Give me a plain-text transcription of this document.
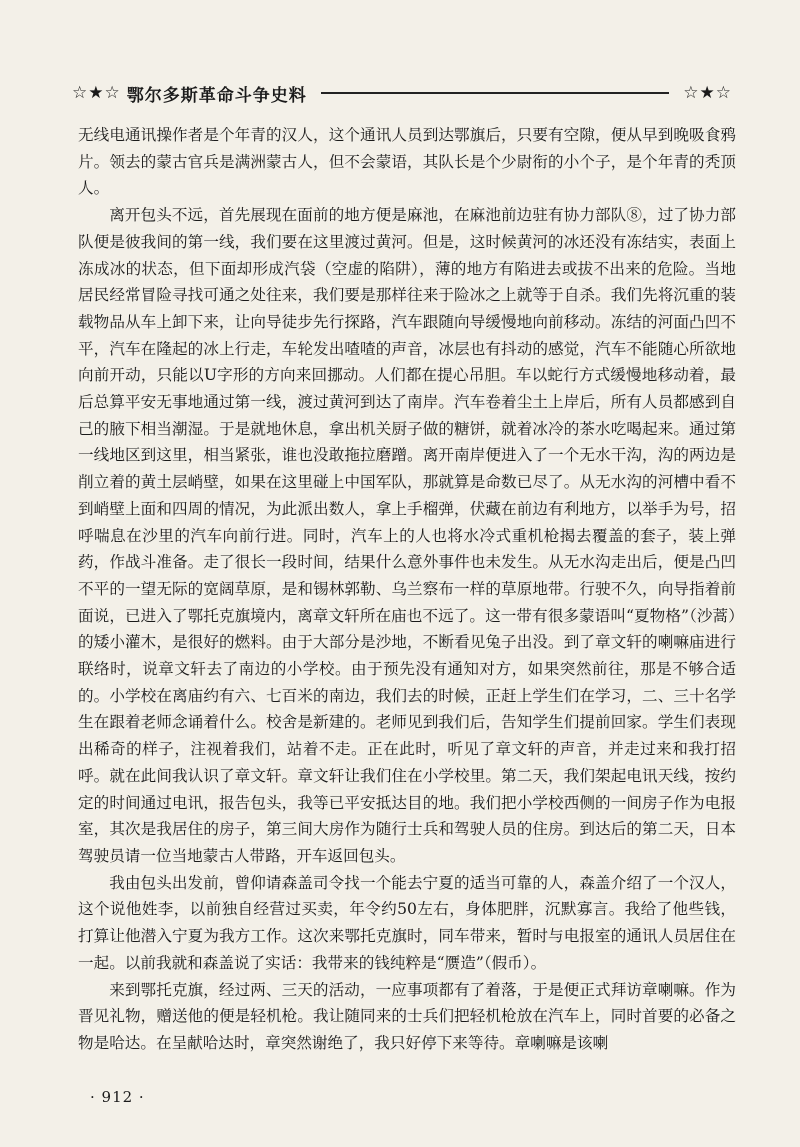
☆★☆ 鄂尔多斯革命斗争史料	☆★☆

无线电通讯操作者是个年青的汉人，这个通讯人员到达鄂旗后，只要有空隙，便从早到晚吸食鸦片。领去的蒙古官兵是满洲蒙古人，但不会蒙语，其队长是个少尉衔的小个子，是个年青的秃顶人。

离开包头不远，首先展现在面前的地方便是麻池，在麻池前边驻有协力部队⑧，过了协力部队便是彼我间的第一线，我们要在这里渡过黄河。但是，这时候黄河的冰还没有冻结实，表面上冻成冰的状态，但下面却形成汽袋（空虚的陷阱），薄的地方有陷进去或拔不出来的危险。当地居民经常冒险寻找可通之处往来，我们要是那样往来于险冰之上就等于自杀。我们先将沉重的装载物品从车上卸下来，让向导徒步先行探路，汽车跟随向导缓慢地向前移动。冻结的河面凸凹不平，汽车在隆起的冰上行走，车轮发出喳喳的声音，冰层也有抖动的感觉，汽车不能随心所欲地向前开动，只能以U字形的方向来回挪动。人们都在提心吊胆。车以蛇行方式缓慢地移动着，最后总算平安无事地通过第一线，渡过黄河到达了南岸。汽车卷着尘土上岸后，所有人员都感到自己的腋下相当潮湿。于是就地休息，拿出机关厨子做的糖饼，就着冰冷的茶水吃喝起来。通过第一线地区到这里，相当紧张，谁也没敢拖拉磨蹭。离开南岸便进入了一个无水干沟，沟的两边是削立着的黄土层峭壁，如果在这里碰上中国军队，那就算是命数已尽了。从无水沟的河槽中看不到峭壁上面和四周的情况，为此派出数人，拿上手榴弹，伏藏在前边有利地方，以举手为号，招呼喘息在沙里的汽车向前行进。同时，汽车上的人也将水冷式重机枪揭去覆盖的套子，装上弹药，作战斗准备。走了很长一段时间，结果什么意外事件也未发生。从无水沟走出后，便是凸凹不平的一望无际的宽阔草原，是和锡林郭勒、乌兰察布一样的草原地带。行驶不久，向导指着前面说，已进入了鄂托克旗境内，离章文轩所在庙也不远了。这一带有很多蒙语叫“夏物格”（沙蒿）的矮小灌木，是很好的燃料。由于大部分是沙地，不断看见兔子出没。到了章文轩的喇嘛庙进行联络时，说章文轩去了南边的小学校。由于预先没有通知对方，如果突然前往，那是不够合适的。小学校在离庙约有六、七百米的南边，我们去的时候，正赶上学生们在学习，二、三十名学生在跟着老师念诵着什么。校舍是新建的。老师见到我们后，告知学生们提前回家。学生们表现出稀奇的样子，注视着我们，站着不走。正在此时，听见了章文轩的声音，并走过来和我打招呼。就在此间我认识了章文轩。章文轩让我们住在小学校里。第二天，我们架起电讯天线，按约定的时间通过电讯，报告包头，我等已平安抵达目的地。我们把小学校西侧的一间房子作为电报室，其次是我居住的房子，第三间大房作为随行士兵和驾驶人员的住房。到达后的第二天，日本驾驶员请一位当地蒙古人带路，开车返回包头。

我由包头出发前，曾仰请森盖司令找一个能去宁夏的适当可靠的人，森盖介绍了一个汉人，这个说他姓李，以前独自经营过买卖，年令约50左右，身体肥胖，沉默寡言。我给了他些钱，打算让他潜入宁夏为我方工作。这次来鄂托克旗时，同车带来，暂时与电报室的通讯人员居住在一起。以前我就和森盖说了实话：我带来的钱纯粹是“赝造”（假币）。

来到鄂托克旗，经过两、三天的活动，一应事项都有了着落，于是便正式拜访章喇嘛。作为晋见礼物，赠送他的便是轻机枪。我让随同来的士兵们把轻机枪放在汽车上，同时首要的必备之物是哈达。在呈献哈达时，章突然谢绝了，我只好停下来等待。章喇嘛是该喇

· 912 ·
